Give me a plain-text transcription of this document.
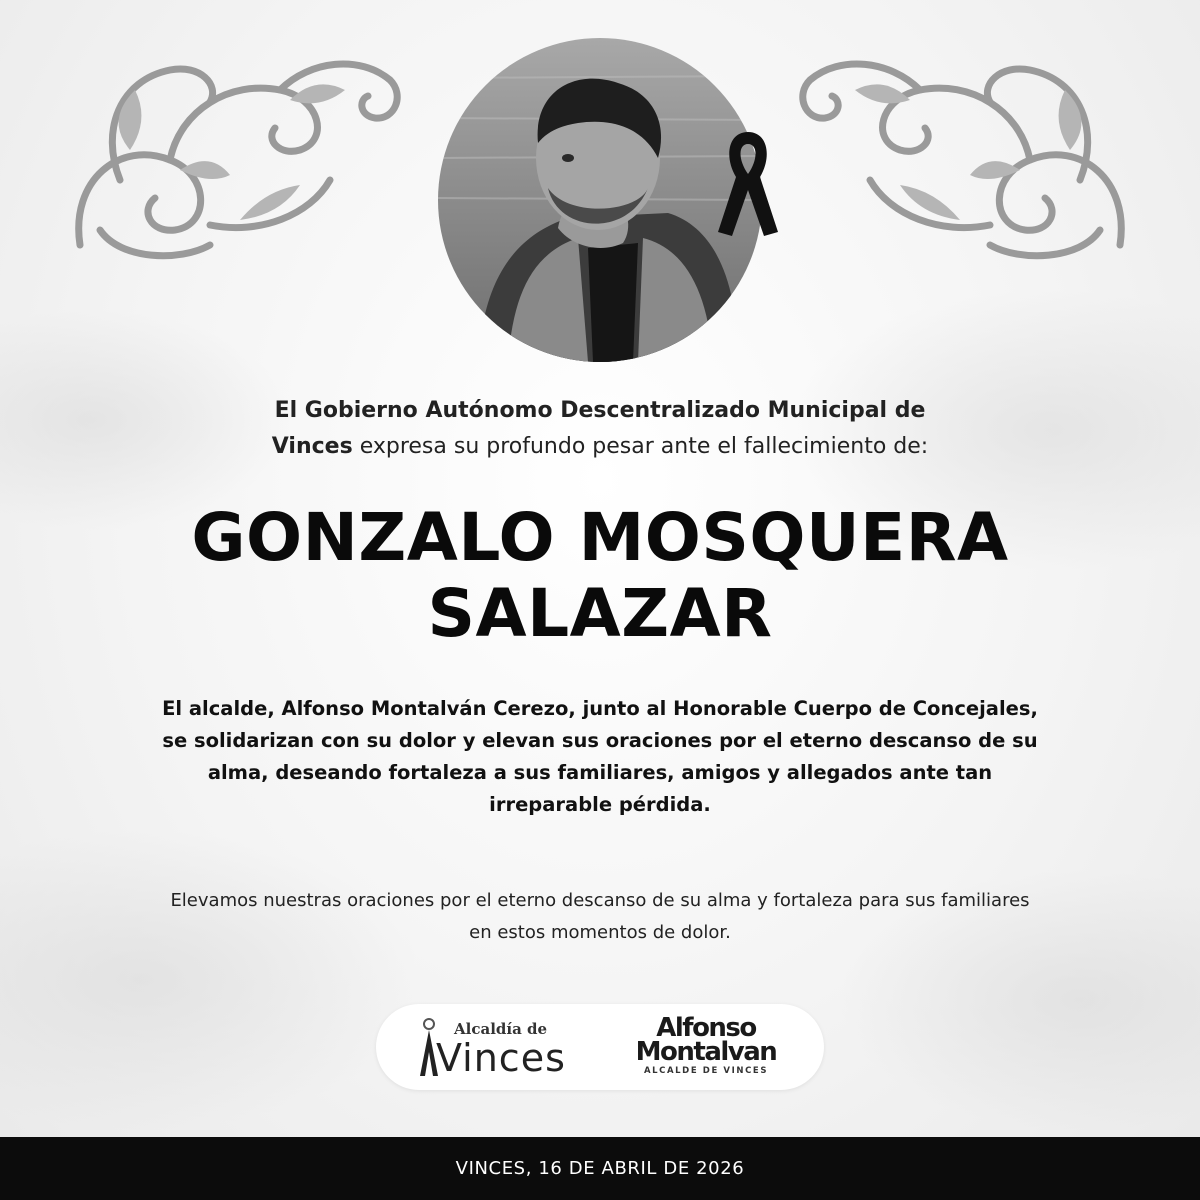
El Gobierno Autónomo Descentralizado Municipal de
Vinces expresa su profundo pesar ante el fallecimiento de:
GONZALO MOSQUERA
SALAZAR
El alcalde, Alfonso Montalván Cerezo, junto al Honorable Cuerpo de Concejales, se solidarizan con su dolor y elevan sus oraciones por el eterno descanso de su alma, deseando fortaleza a sus familiares, amigos y allegados ante tan irreparable pérdida.
Elevamos nuestras oraciones por el eterno descanso de su alma y fortaleza para sus familiares en estos momentos de dolor.
Alcaldía de
Vinces
Alfonso
Montalvan
ALCALDE DE VINCES
VINCES, 16 DE ABRIL DE 2026
